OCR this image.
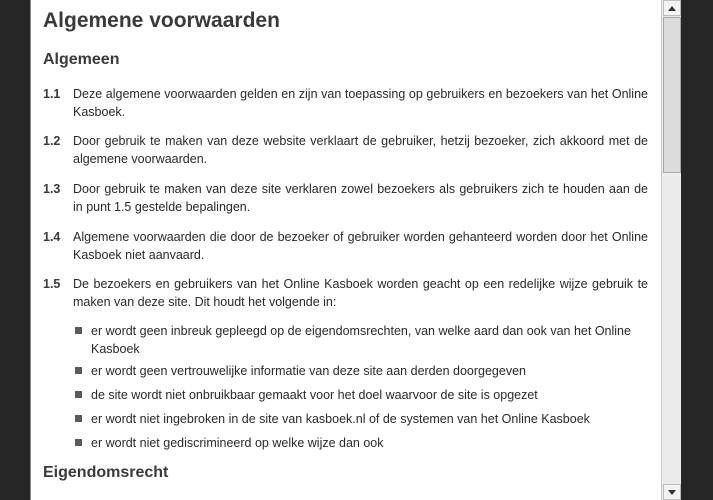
Algemene voorwaarden
Algemeen
1.1 Deze algemene voorwaarden gelden en zijn van toepassing op gebruikers en bezoekers van het Online Kasboek.
1.2 Door gebruik te maken van deze website verklaart de gebruiker, hetzij bezoeker, zich akkoord met de algemene voorwaarden.
1.3 Door gebruik te maken van deze site verklaren zowel bezoekers als gebruikers zich te houden aan de in punt 1.5 gestelde bepalingen.
1.4 Algemene voorwaarden die door de bezoeker of gebruiker worden gehanteerd worden door het Online Kasboek niet aanvaard.
1.5 De bezoekers en gebruikers van het Online Kasboek worden geacht op een redelijke wijze gebruik te maken van deze site. Dit houdt het volgende in:
er wordt geen inbreuk gepleegd op de eigendomsrechten, van welke aard dan ook van het Online Kasboek
er wordt geen vertrouwelijke informatie van deze site aan derden doorgegeven
de site wordt niet onbruikbaar gemaakt voor het doel waarvoor de site is opgezet
er wordt niet ingebroken in de site van kasboek.nl of de systemen van het Online Kasboek
er wordt niet gediscrimineerd op welke wijze dan ook
Eigendomsrecht
